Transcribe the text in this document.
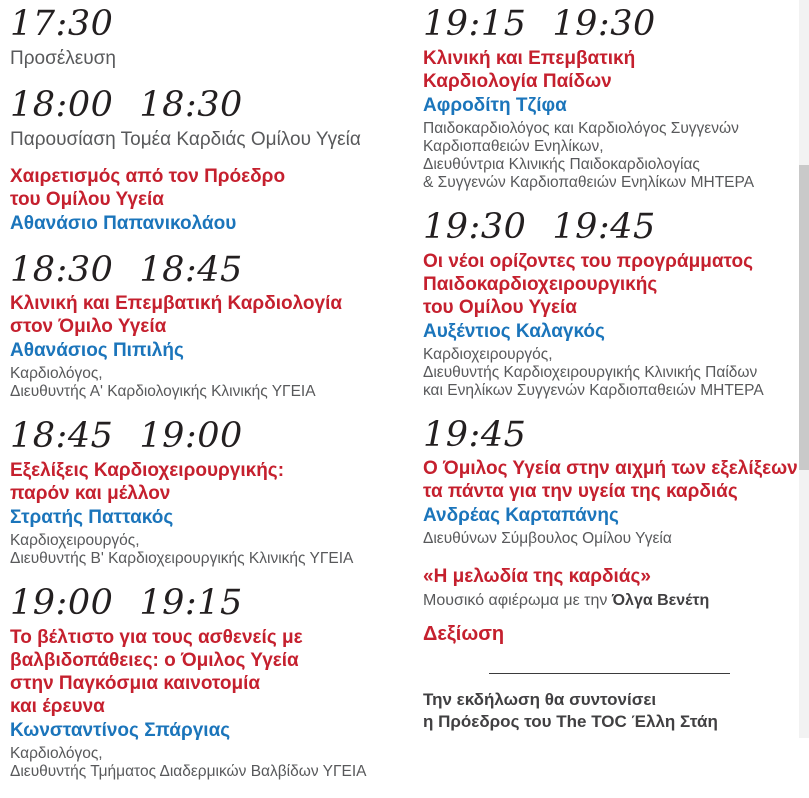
17:30
Προσέλευση
18:00 18:30
Παρουσίαση Τομέα Καρδιάς Ομίλου Υγεία
Χαιρετισμός από τον Πρόεδρο
του Ομίλου Υγεία
Αθανάσιο Παπανικολάου
18:30 18:45
Κλινική και Επεμβατική Καρδιολογία
στον Όμιλο Υγεία
Αθανάσιος Πιπιλής
Καρδιολόγος,
Διευθυντής Α' Καρδιολογικής Κλινικής ΥΓΕΙΑ
18:45 19:00
Εξελίξεις Καρδιοχειρουργικής:
παρόν και μέλλον
Στρατής Παττακός
Καρδιοχειρουργός,
Διευθυντής Β' Καρδιοχειρουργικής Κλινικής ΥΓΕΙΑ
19:00 19:15
Το βέλτιστο για τους ασθενείς με
βαλβιδοπάθειες: ο Όμιλος Υγεία
στην Παγκόσμια καινοτομία
και έρευνα
Κωνσταντίνος Σπάργιας
Καρδιολόγος,
Διευθυντής Τμήματος Διαδερμικών Βαλβίδων ΥΓΕΙΑ
19:15 19:30
Κλινική και Επεμβατική
Καρδιολογία Παίδων
Αφροδίτη Τζίφα
Παιδοκαρδιολόγος και Καρδιολόγος Συγγενών
Καρδιοπαθειών Ενηλίκων,
Διευθύντρια Κλινικής Παιδοκαρδιολογίας
& Συγγενών Καρδιοπαθειών Ενηλίκων ΜΗΤΕΡΑ
19:30 19:45
Οι νέοι ορίζοντες του προγράμματος
Παιδοκαρδιοχειρουργικής
του Ομίλου Υγεία
Αυξέντιος Καλαγκός
Καρδιοχειρουργός,
Διευθυντής Καρδιοχειρουργικής Κλινικής Παίδων
και Ενηλίκων Συγγενών Καρδιοπαθειών ΜΗΤΕΡΑ
19:45
Ο Όμιλος Υγεία στην αιχμή των εξελίξεων
τα πάντα για την υγεία της καρδιάς
Ανδρέας Καρταπάνης
Διευθύνων Σύμβουλος Ομίλου Υγεία
«Η μελωδία της καρδιάς»
Μουσικό αφιέρωμα με την Όλγα Βενέτη
Δεξίωση
Την εκδήλωση θα συντονίσει
η Πρόεδρος του The TOC Έλλη Στάη
